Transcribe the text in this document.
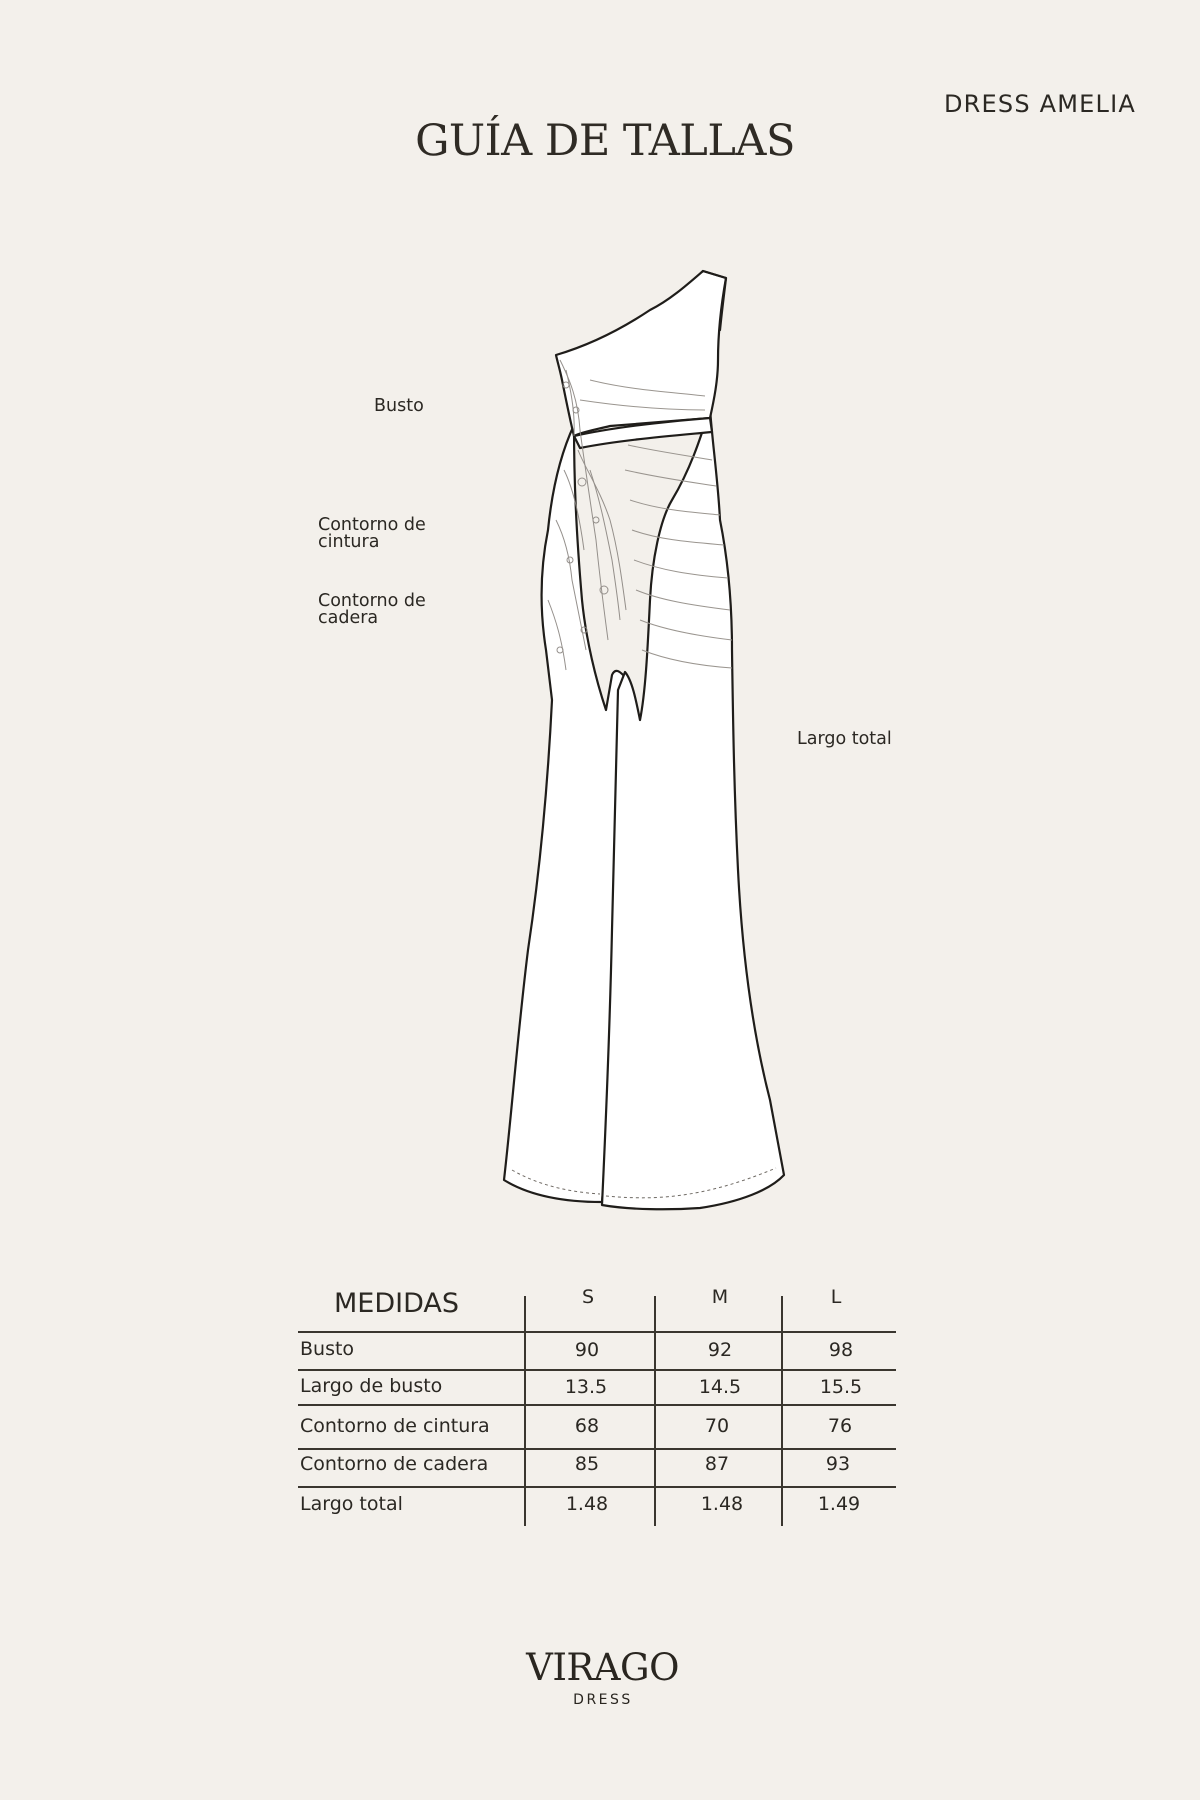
DRESS AMELIA
GUÍA DE TALLAS
Busto
Contorno de cintura
Contorno de cadera
Largo total
MEDIDAS	S	M	L
Busto	90	92	98
Largo de busto	13.5	14.5	15.5
Contorno de cintura	68	70	76
Contorno de cadera	85	87	93
Largo total	1.48	1.48	1.49
VIRAGO
DRESS
